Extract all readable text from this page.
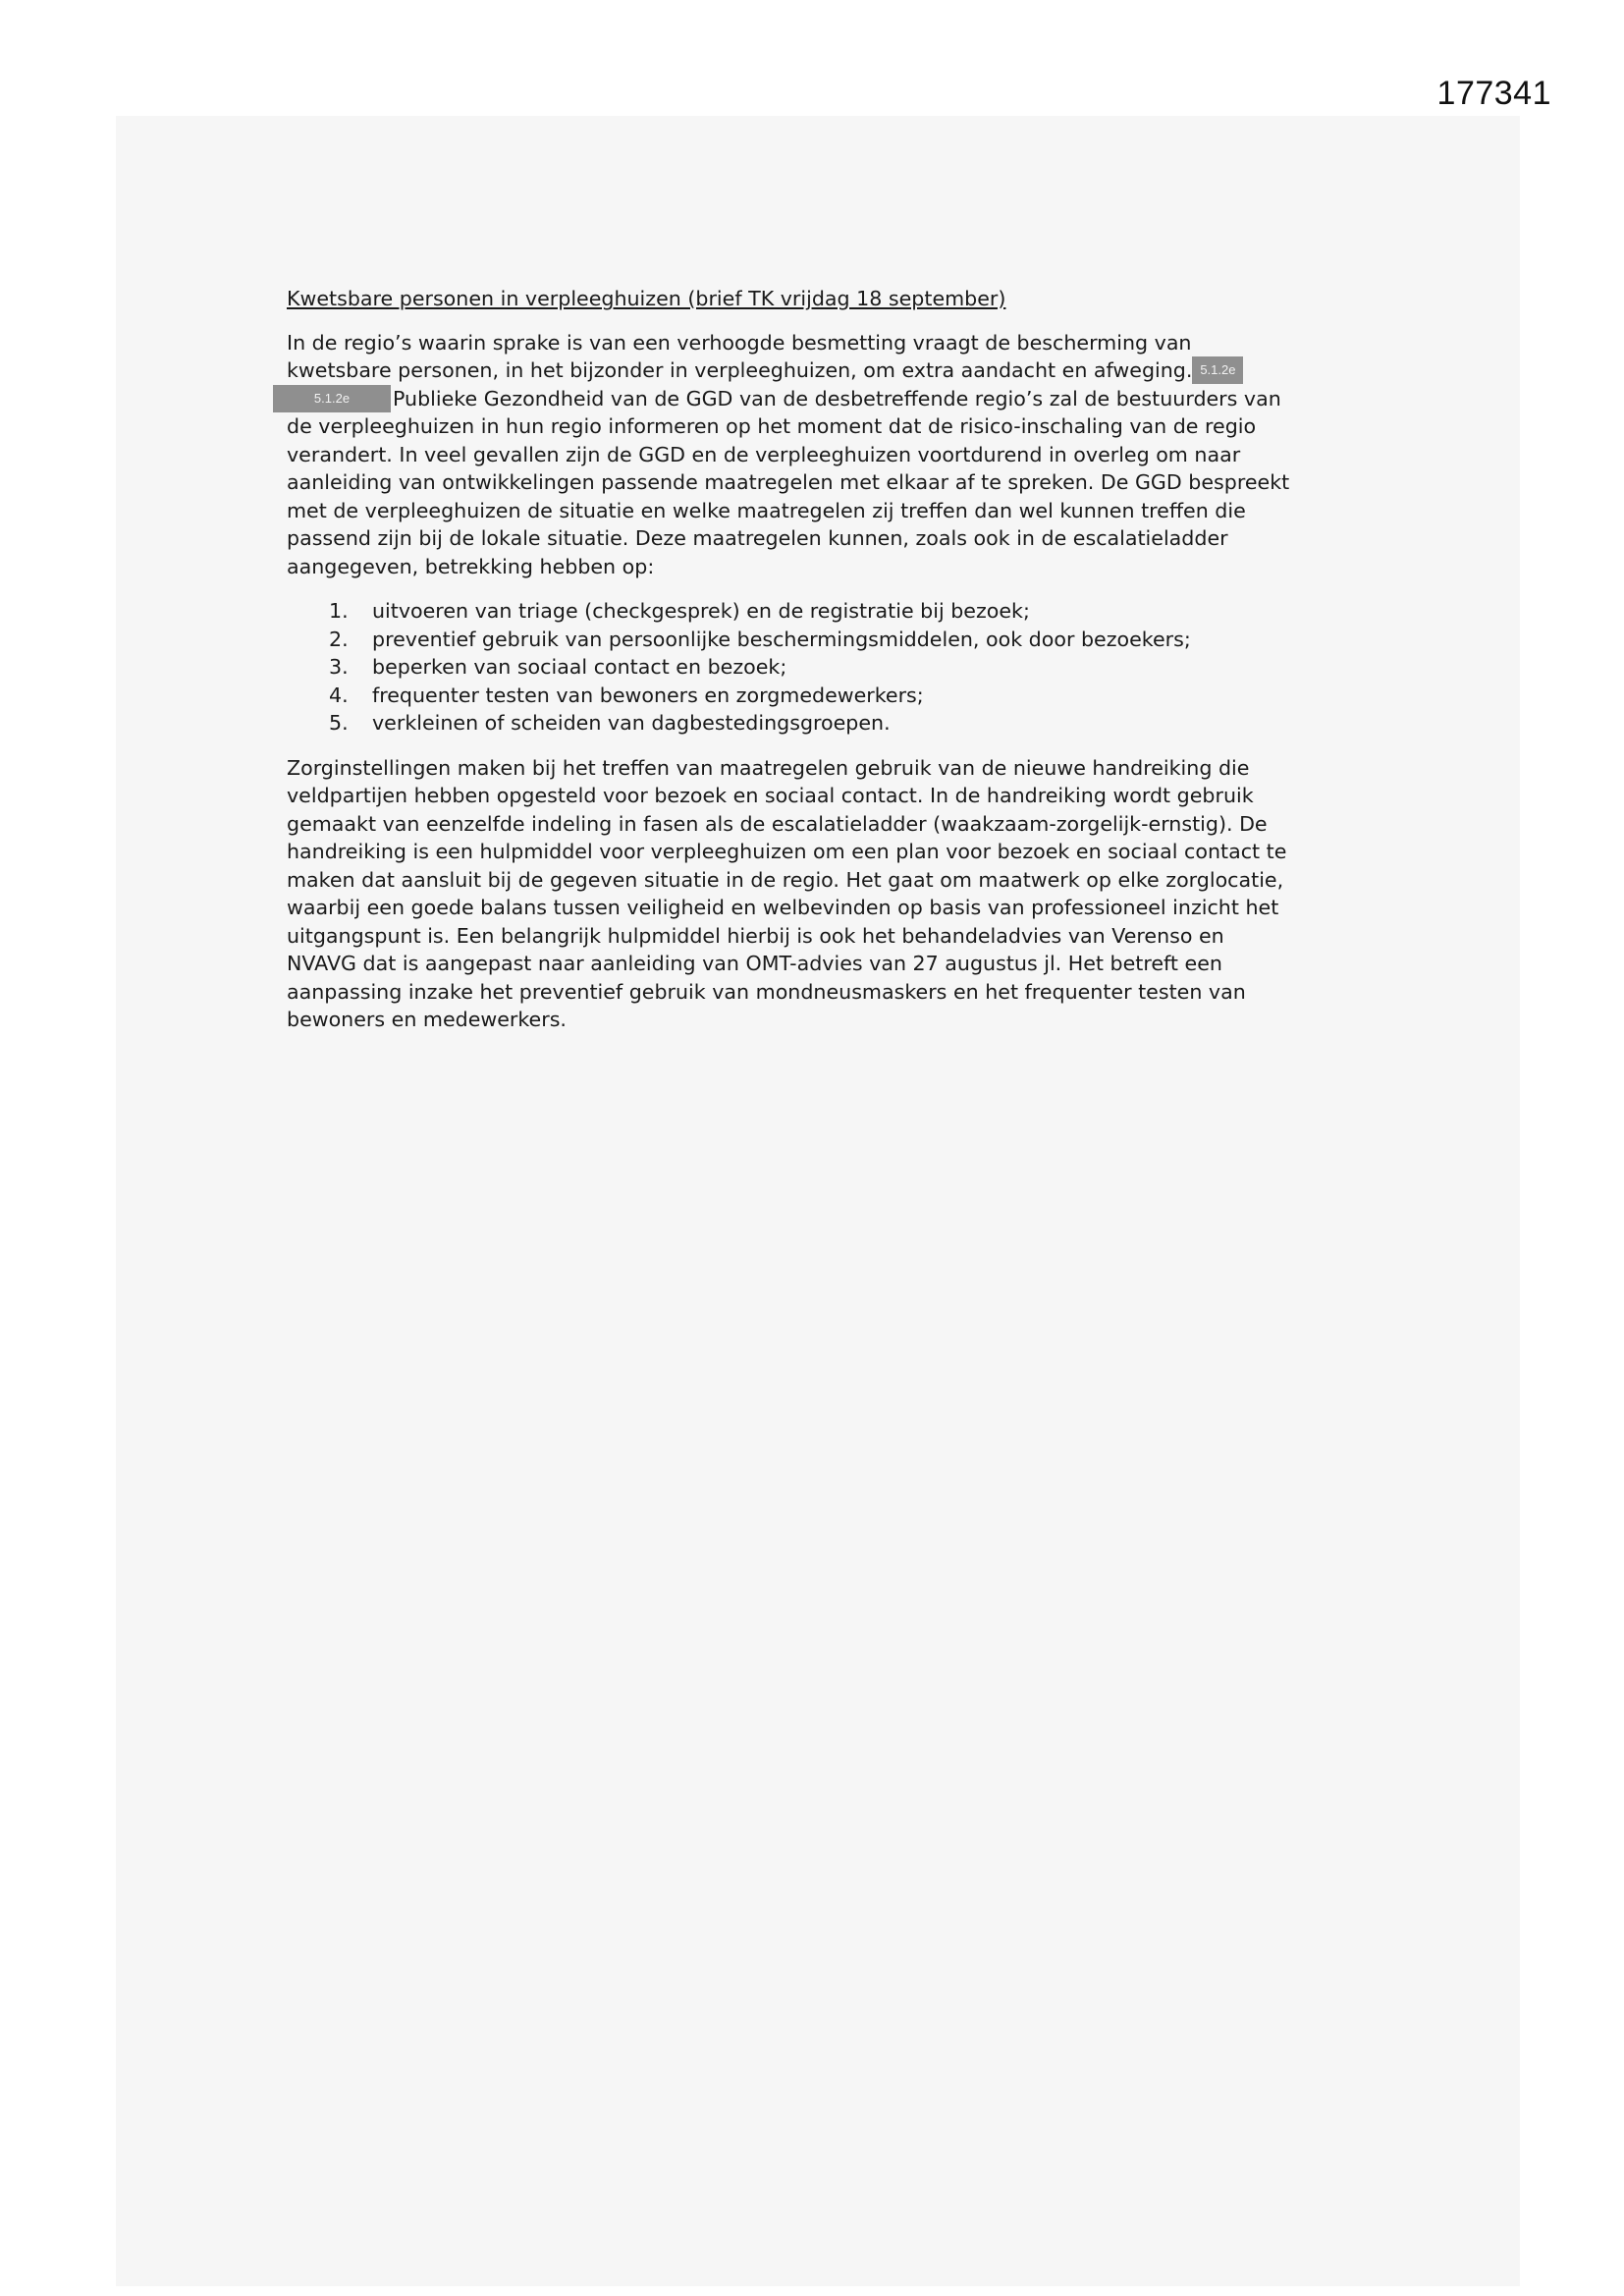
177341
Kwetsbare personen in verpleeghuizen (brief TK vrijdag 18 september)
In de regio’s waarin sprake is van een verhoogde besmetting vraagt de bescherming van
kwetsbare personen, in het bijzonder in verpleeghuizen, om extra aandacht en afweging. 5.1.2e
5.1.2e Publieke Gezondheid van de GGD van de desbetreffende regio’s zal de bestuurders van
de verpleeghuizen in hun regio informeren op het moment dat de risico-inschaling van de regio
verandert. In veel gevallen zijn de GGD en de verpleeghuizen voortdurend in overleg om naar
aanleiding van ontwikkelingen passende maatregelen met elkaar af te spreken. De GGD bespreekt
met de verpleeghuizen de situatie en welke maatregelen zij treffen dan wel kunnen treffen die
passend zijn bij de lokale situatie. Deze maatregelen kunnen, zoals ook in de escalatieladder
aangegeven, betrekking hebben op:
1.	uitvoeren van triage (checkgesprek) en de registratie bij bezoek;
2.	preventief gebruik van persoonlijke beschermingsmiddelen, ook door bezoekers;
3.	beperken van sociaal contact en bezoek;
4.	frequenter testen van bewoners en zorgmedewerkers;
5.	verkleinen of scheiden van dagbestedingsgroepen.
Zorginstellingen maken bij het treffen van maatregelen gebruik van de nieuwe handreiking die
veldpartijen hebben opgesteld voor bezoek en sociaal contact. In de handreiking wordt gebruik
gemaakt van eenzelfde indeling in fasen als de escalatieladder (waakzaam-zorgelijk-ernstig). De
handreiking is een hulpmiddel voor verpleeghuizen om een plan voor bezoek en sociaal contact te
maken dat aansluit bij de gegeven situatie in de regio. Het gaat om maatwerk op elke zorglocatie,
waarbij een goede balans tussen veiligheid en welbevinden op basis van professioneel inzicht het
uitgangspunt is. Een belangrijk hulpmiddel hierbij is ook het behandeladvies van Verenso en
NVAVG dat is aangepast naar aanleiding van OMT-advies van 27 augustus jl. Het betreft een
aanpassing inzake het preventief gebruik van mondneusmaskers en het frequenter testen van
bewoners en medewerkers.
